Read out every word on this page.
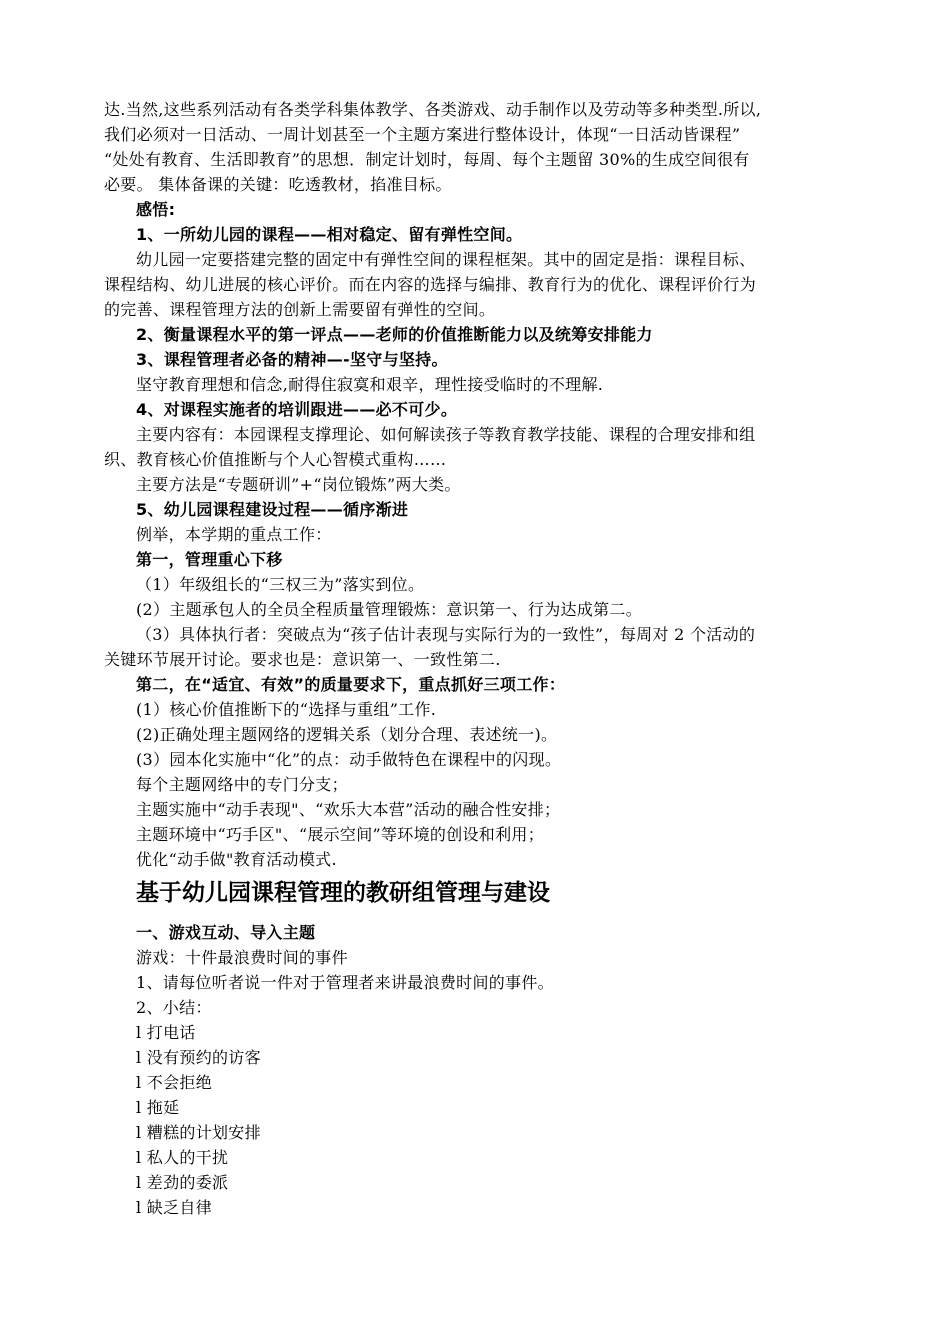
达.当然,这些系列活动有各类学科集体教学、各类游戏、动手制作以及劳动等多种类型.所以,
我们必须对一日活动、一周计划甚至一个主题方案进行整体设计，体现“一日活动皆课程”
“处处有教育、生活即教育”的思想．制定计划时，每周、每个主题留 30%的生成空间很有
必要。 集体备课的关键：吃透教材，掐准目标。
感悟:
1、一所幼儿园的课程——相对稳定、留有弹性空间。
幼儿园一定要搭建完整的固定中有弹性空间的课程框架。其中的固定是指：课程目标、
课程结构、幼儿进展的核心评价。而在内容的选择与编排、教育行为的优化、课程评价行为
的完善、课程管理方法的创新上需要留有弹性的空间。
2、衡量课程水平的第一评点——老师的价值推断能力以及统筹安排能力
3、课程管理者必备的精神—-坚守与坚持。
坚守教育理想和信念,耐得住寂寞和艰辛，理性接受临时的不理解.
4、对课程实施者的培训跟进——必不可少。
主要内容有：本园课程支撑理论、如何解读孩子等教育教学技能、课程的合理安排和组
织、教育核心价值推断与个人心智模式重构……
主要方法是“专题研训”+“岗位锻炼”两大类。
5、幼儿园课程建设过程——循序渐进
例举，本学期的重点工作：
第一，管理重心下移
（1）年级组长的“三权三为”落实到位。
(2）主题承包人的全员全程质量管理锻炼：意识第一、行为达成第二。
（3）具体执行者：突破点为“孩子估计表现与实际行为的一致性”，每周对 2 个活动的
关键环节展开讨论。要求也是：意识第一、一致性第二.
第二，在“适宜、有效”的质量要求下，重点抓好三项工作：
(1）核心价值推断下的“选择与重组”工作.
(2)正确处理主题网络的逻辑关系（划分合理、表述统一)。
(3）园本化实施中“化”的点：动手做特色在课程中的闪现。
每个主题网络中的专门分支；
主题实施中“动手表现"、“欢乐大本营”活动的融合性安排；
主题环境中“巧手区"、“展示空间”等环境的创设和利用；
优化“动手做"教育活动模式.
基于幼儿园课程管理的教研组管理与建设
一、游戏互动、导入主题
游戏：十件最浪费时间的事件
1、请每位听者说一件对于管理者来讲最浪费时间的事件。
2、小结：
l 打电话
l 没有预约的访客
l 不会拒绝
l 拖延
l 糟糕的计划安排
l 私人的干扰
l 差劲的委派
l 缺乏自律
